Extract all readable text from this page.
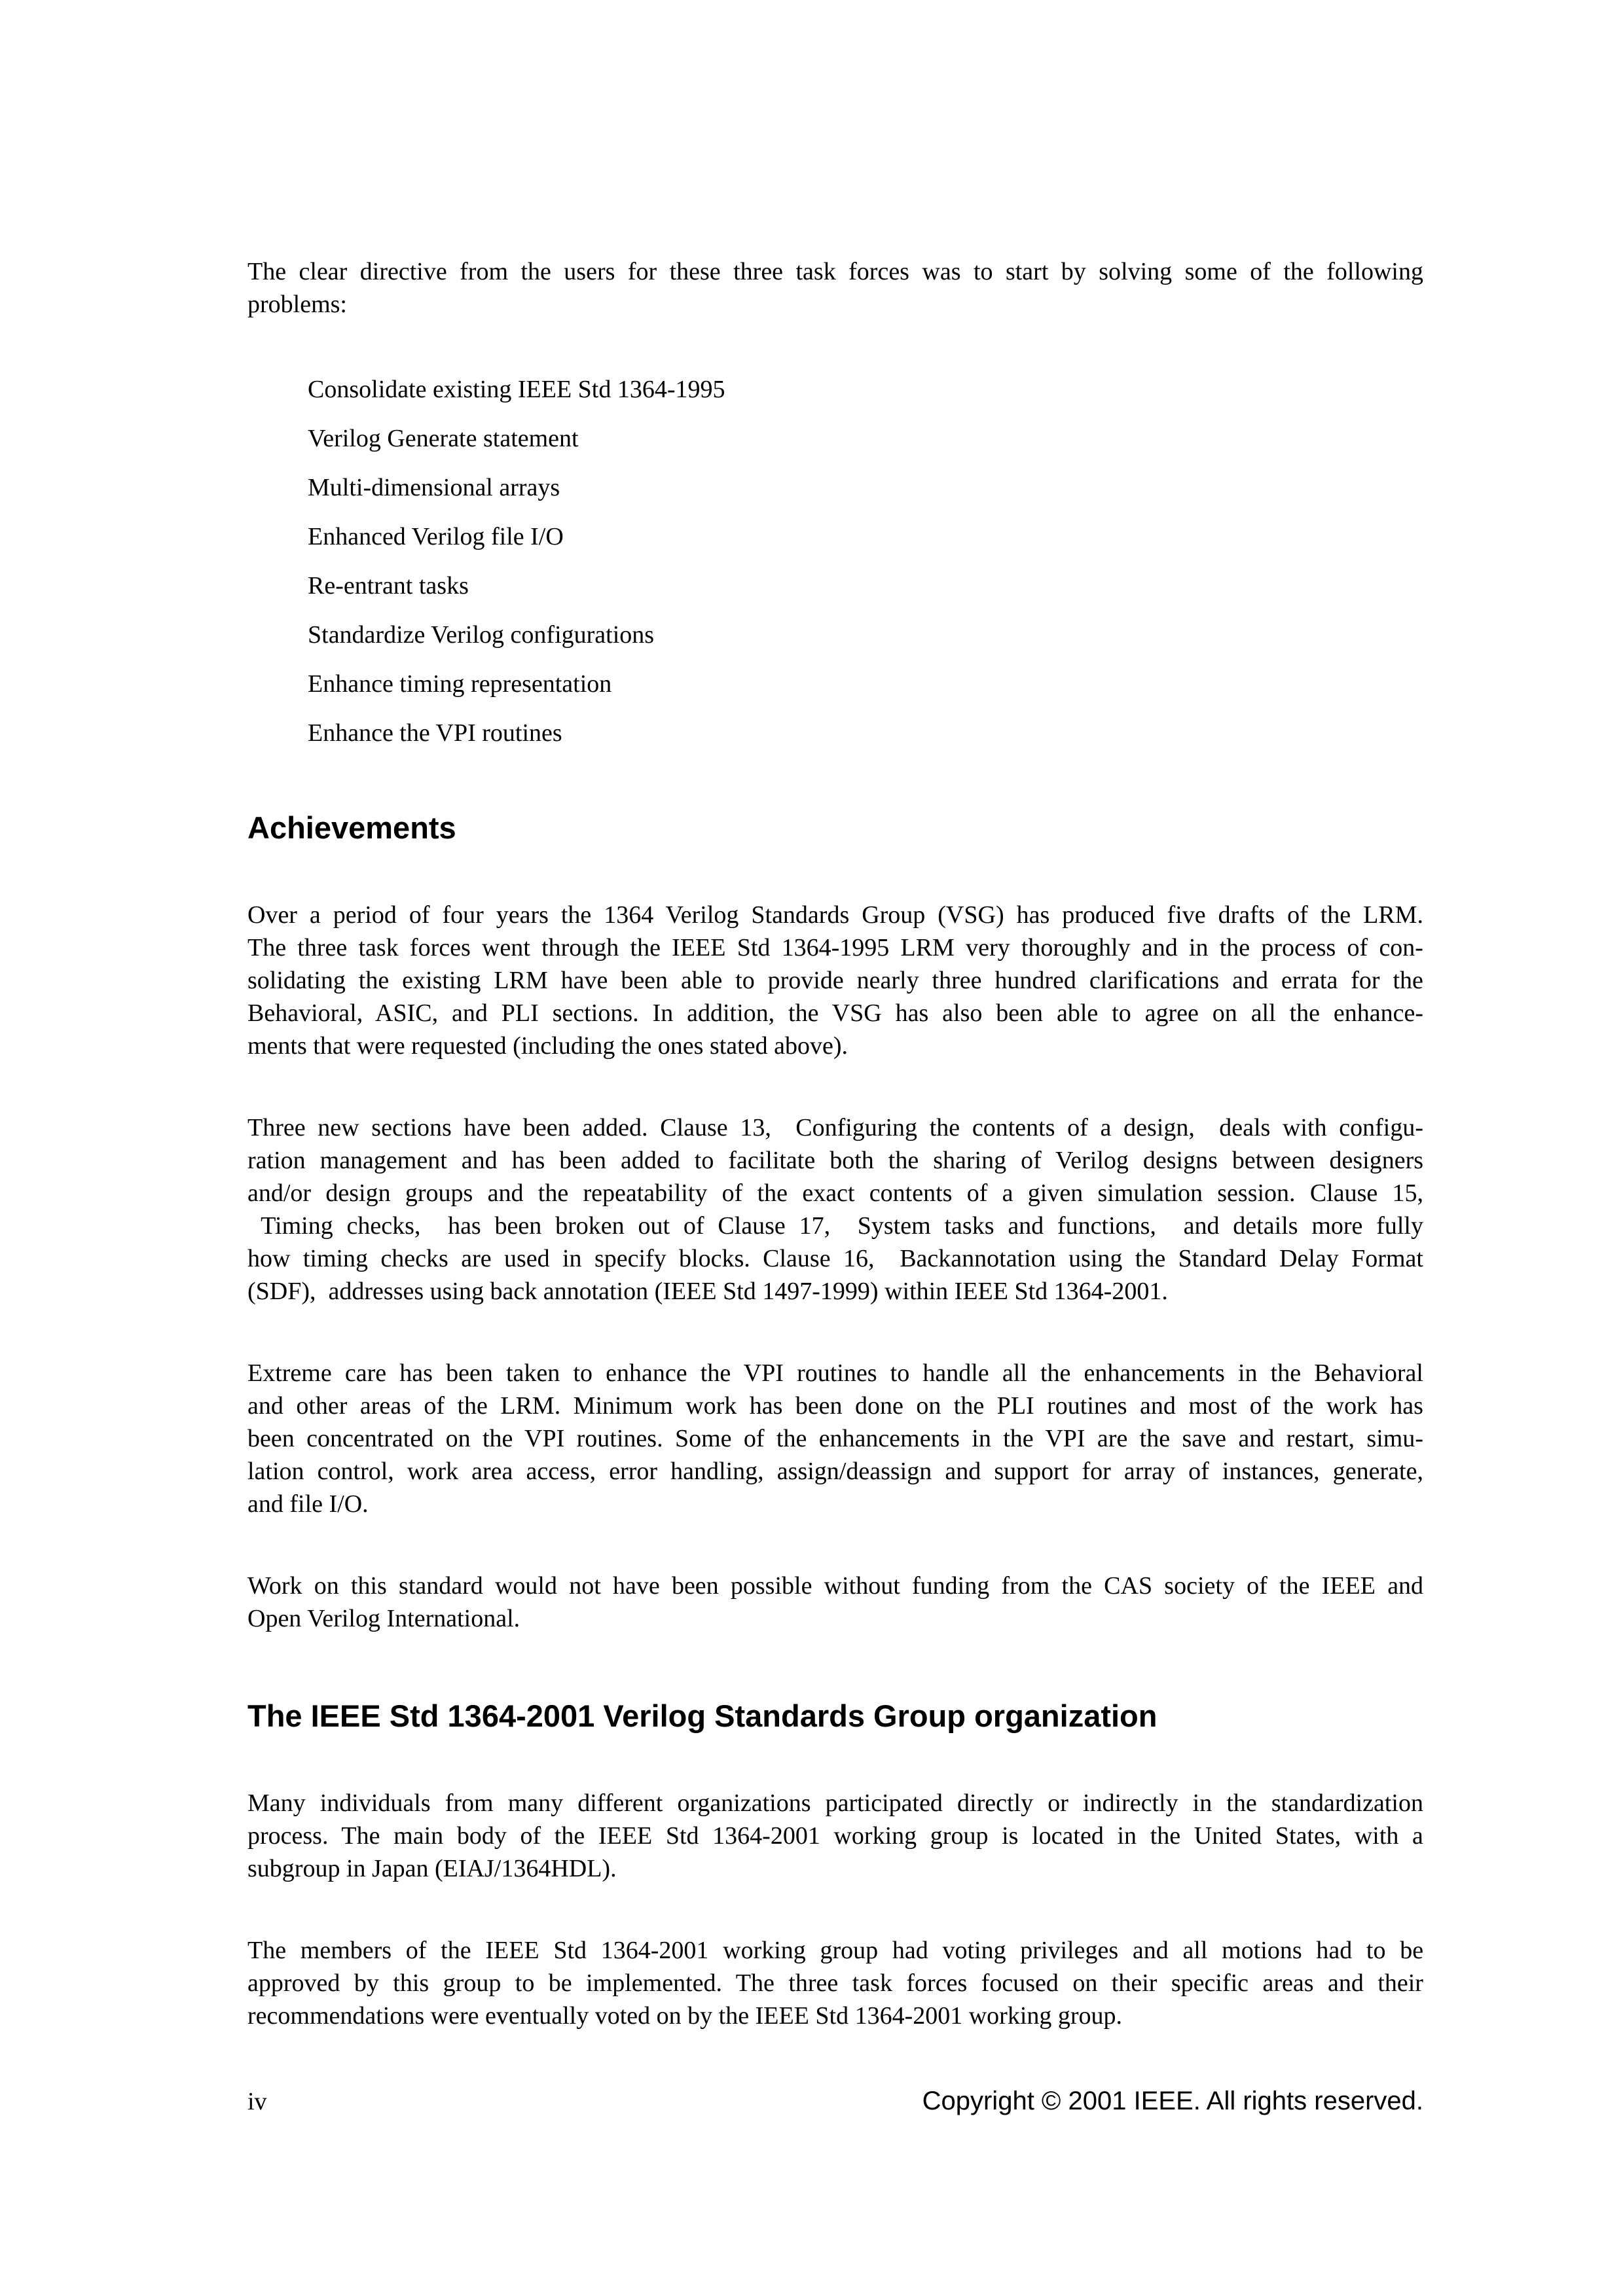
The clear directive from the users for these three task forces was to start by solving some of the following
problems:
Consolidate existing IEEE Std 1364-1995
Verilog Generate statement
Multi-dimensional arrays
Enhanced Verilog file I/O
Re-entrant tasks
Standardize Verilog configurations
Enhance timing representation
Enhance the VPI routines
Achievements
Over a period of four years the 1364 Verilog Standards Group (VSG) has produced five drafts of the LRM.
The three task forces went through the IEEE Std 1364-1995 LRM very thoroughly and in the process of con-
solidating the existing LRM have been able to provide nearly three hundred clarifications and errata for the
Behavioral, ASIC, and PLI sections. In addition, the VSG has also been able to agree on all the enhance-
ments that were requested (including the ones stated above).
Three new sections have been added. Clause 13,  Configuring the contents of a design,  deals with configu-
ration management and has been added to facilitate both the sharing of Verilog designs between designers
and/or design groups and the repeatability of the exact contents of a given simulation session. Clause 15,
Timing checks,  has been broken out of Clause 17,  System tasks and functions,  and details more fully
how timing checks are used in specify blocks. Clause 16,  Backannotation using the Standard Delay Format
(SDF),  addresses using back annotation (IEEE Std 1497-1999) within IEEE Std 1364-2001.
Extreme care has been taken to enhance the VPI routines to handle all the enhancements in the Behavioral
and other areas of the LRM. Minimum work has been done on the PLI routines and most of the work has
been concentrated on the VPI routines. Some of the enhancements in the VPI are the save and restart, simu-
lation control, work area access, error handling, assign/deassign and support for array of instances, generate,
and file I/O.
Work on this standard would not have been possible without funding from the CAS society of the IEEE and
Open Verilog International.
The IEEE Std 1364-2001 Verilog Standards Group organization
Many individuals from many different organizations participated directly or indirectly in the standardization
process. The main body of the IEEE Std 1364-2001 working group is located in the United States, with a
subgroup in Japan (EIAJ/1364HDL).
The members of the IEEE Std 1364-2001 working group had voting privileges and all motions had to be
approved by this group to be implemented. The three task forces focused on their specific areas and their
recommendations were eventually voted on by the IEEE Std 1364-2001 working group.
iv	Copyright © 2001 IEEE. All rights reserved.
